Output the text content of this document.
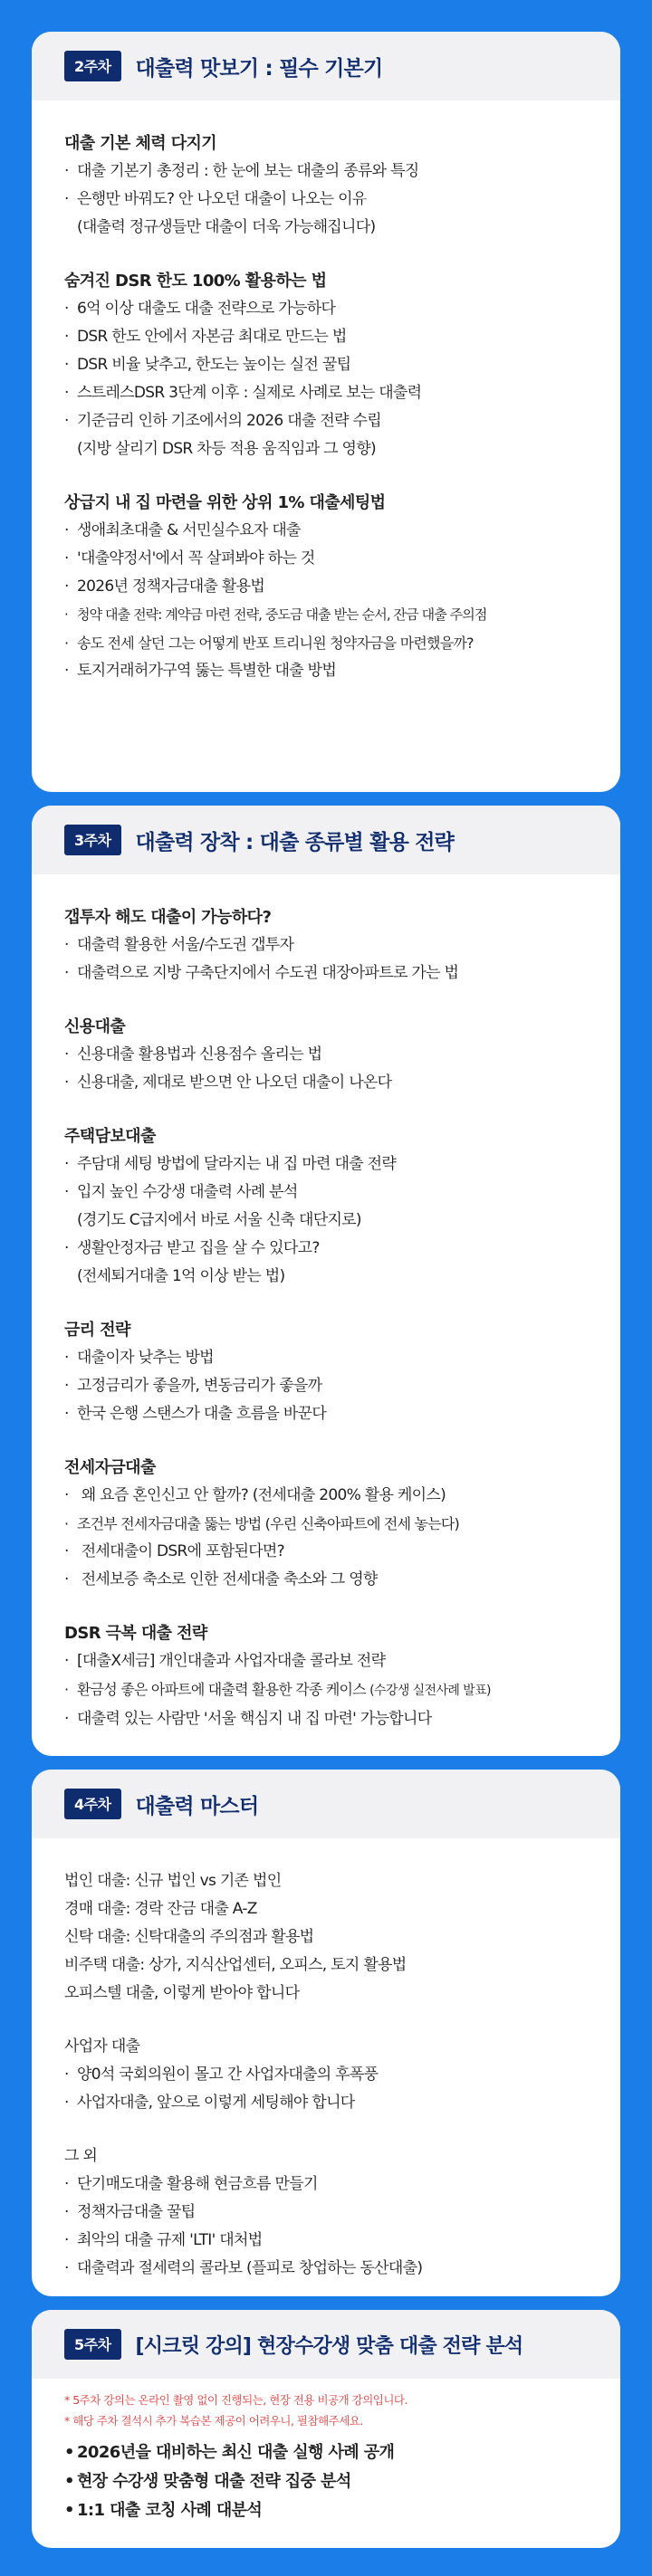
2주차	대출력 맛보기 : 필수 기본기
대출 기본 체력 다지기
· 대출 기본기 총정리 : 한 눈에 보는 대출의 종류와 특징
· 은행만 바꿔도? 안 나오던 대출이 나오는 이유
(대출력 정규생들만 대출이 더욱 가능해집니다)
숨겨진 DSR 한도 100% 활용하는 법
· 6억 이상 대출도 대출 전략으로 가능하다
· DSR 한도 안에서 자본금 최대로 만드는 법
· DSR 비율 낮추고, 한도는 높이는 실전 꿀팁
· 스트레스DSR 3단계 이후 : 실제로 사례로 보는 대출력
· 기준금리 인하 기조에서의 2026 대출 전략 수립
(지방 살리기 DSR 차등 적용 움직임과 그 영향)
상급지 내 집 마련을 위한 상위 1% 대출세팅법
· 생애최초대출 & 서민실수요자 대출
· '대출약정서'에서 꼭 살펴봐야 하는 것
· 2026년 정책자금대출 활용법
· 청약 대출 전략: 계약금 마련 전략, 중도금 대출 받는 순서, 잔금 대출 주의점
· 송도 전세 살던 그는 어떻게 반포 트리니원 청약자금을 마련했을까?
· 토지거래허가구역 뚫는 특별한 대출 방법
3주차	대출력 장착 : 대출 종류별 활용 전략
갭투자 해도 대출이 가능하다?
· 대출력 활용한 서울/수도권 갭투자
· 대출력으로 지방 구축단지에서 수도권 대장아파트로 가는 법
신용대출
· 신용대출 활용법과 신용점수 올리는 법
· 신용대출, 제대로 받으면 안 나오던 대출이 나온다
주택담보대출
· 주담대 세팅 방법에 달라지는 내 집 마련 대출 전략
· 입지 높인 수강생 대출력 사례 분석
(경기도 C급지에서 바로 서울 신축 대단지로)
· 생활안정자금 받고 집을 살 수 있다고?
(전세퇴거대출 1억 이상 받는 법)
금리 전략
· 대출이자 낮추는 방법
· 고정금리가 좋을까, 변동금리가 좋을까
· 한국 은행 스탠스가 대출 흐름을 바꾼다
전세자금대출
· 왜 요즘 혼인신고 안 할까? (전세대출 200% 활용 케이스)
· 조건부 전세자금대출 뚫는 방법 (우린 신축아파트에 전세 놓는다)
· 전세대출이 DSR에 포함된다면?
· 전세보증 축소로 인한 전세대출 축소와 그 영향
DSR 극복 대출 전략
· [대출X세금] 개인대출과 사업자대출 콜라보 전략
· 환금성 좋은 아파트에 대출력 활용한 각종 케이스 (수강생 실전사례 발표)
· 대출력 있는 사람만 '서울 핵심지 내 집 마련' 가능합니다
4주차	대출력 마스터
법인 대출: 신규 법인 vs 기존 법인
경매 대출: 경락 잔금 대출 A-Z
신탁 대출: 신탁대출의 주의점과 활용법
비주택 대출: 상가, 지식산업센터, 오피스, 토지 활용법
오피스텔 대출, 이렇게 받아야 합니다
사업자 대출
· 양0석 국회의원이 몰고 간 사업자대출의 후폭풍
· 사업자대출, 앞으로 이렇게 세팅해야 합니다
그 외
· 단기매도대출 활용해 현금흐름 만들기
· 정책자금대출 꿀팁
· 최악의 대출 규제 'LTI' 대처법
· 대출력과 절세력의 콜라보 (플피로 창업하는 동산대출)
5주차	[시크릿 강의] 현장수강생 맞춤 대출 전략 분석
* 5주차 강의는 온라인 촬영 없이 진행되는, 현장 전용 비공개 강의입니다.
* 해당 주차 결석시 추가 복습본 제공이 어려우니, 필참해주세요.
• 2026년을 대비하는 최신 대출 실행 사례 공개
• 현장 수강생 맞춤형 대출 전략 집중 분석
• 1:1 대출 코칭 사례 대분석
